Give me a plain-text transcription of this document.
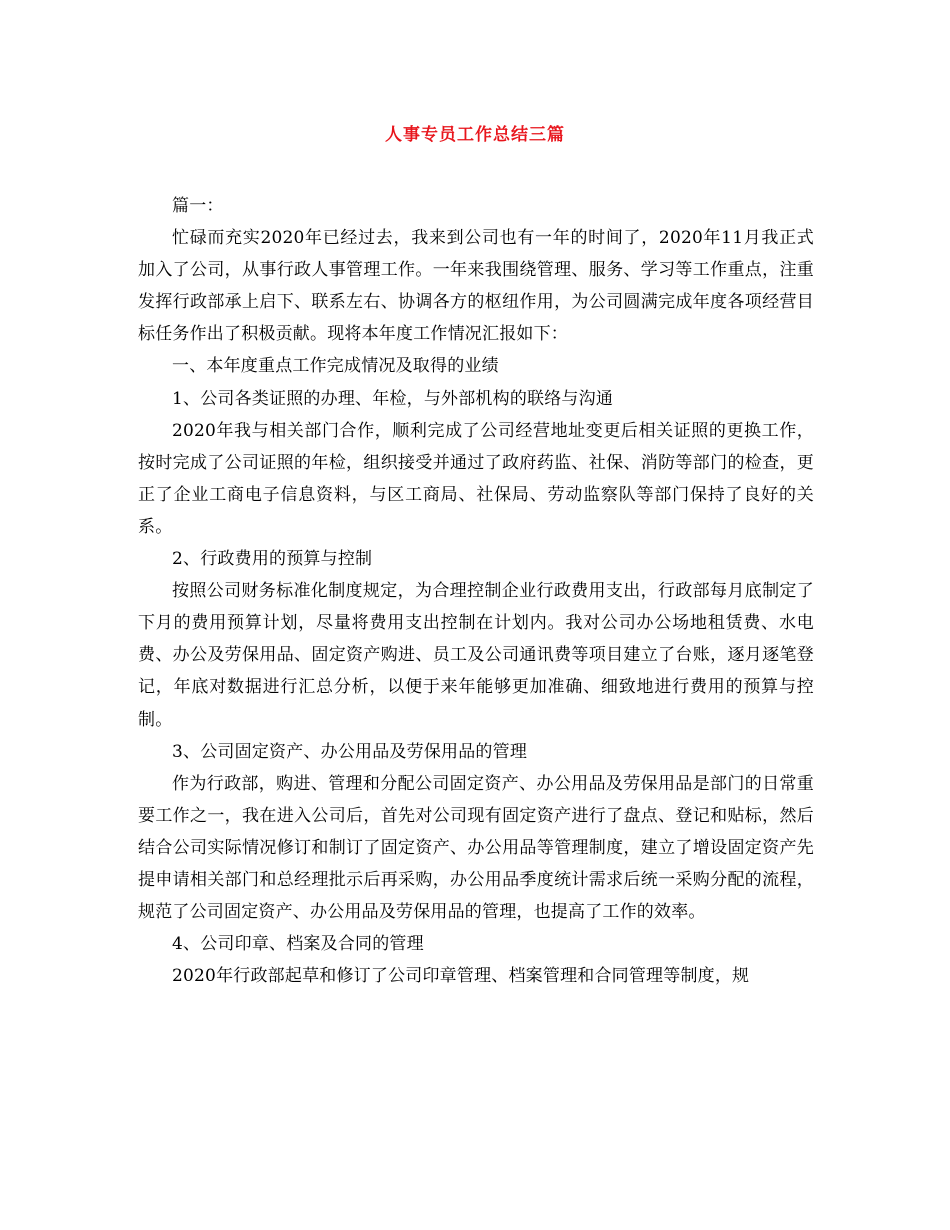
人事专员工作总结三篇

篇一：

忙碌而充实2020年已经过去，我来到公司也有一年的时间了，2020年11月我正式加入了公司，从事行政人事管理工作。一年来我围绕管理、服务、学习等工作重点，注重发挥行政部承上启下、联系左右、协调各方的枢纽作用，为公司圆满完成年度各项经营目标任务作出了积极贡献。现将本年度工作情况汇报如下：

一、本年度重点工作完成情况及取得的业绩

1、公司各类证照的办理、年检，与外部机构的联络与沟通

2020年我与相关部门合作，顺利完成了公司经营地址变更后相关证照的更换工作，按时完成了公司证照的年检，组织接受并通过了政府药监、社保、消防等部门的检查，更正了企业工商电子信息资料，与区工商局、社保局、劳动监察队等部门保持了良好的关系。

2、行政费用的预算与控制

按照公司财务标准化制度规定，为合理控制企业行政费用支出，行政部每月底制定了下月的费用预算计划，尽量将费用支出控制在计划内。我对公司办公场地租赁费、水电费、办公及劳保用品、固定资产购进、员工及公司通讯费等项目建立了台账，逐月逐笔登记，年底对数据进行汇总分析，以便于来年能够更加准确、细致地进行费用的预算与控制。

3、公司固定资产、办公用品及劳保用品的管理

作为行政部，购进、管理和分配公司固定资产、办公用品及劳保用品是部门的日常重要工作之一，我在进入公司后，首先对公司现有固定资产进行了盘点、登记和贴标，然后结合公司实际情况修订和制订了固定资产、办公用品等管理制度，建立了增设固定资产先提申请相关部门和总经理批示后再采购，办公用品季度统计需求后统一采购分配的流程，规范了公司固定资产、办公用品及劳保用品的管理，也提高了工作的效率。

4、公司印章、档案及合同的管理

2020年行政部起草和修订了公司印章管理、档案管理和合同管理等制度，规
